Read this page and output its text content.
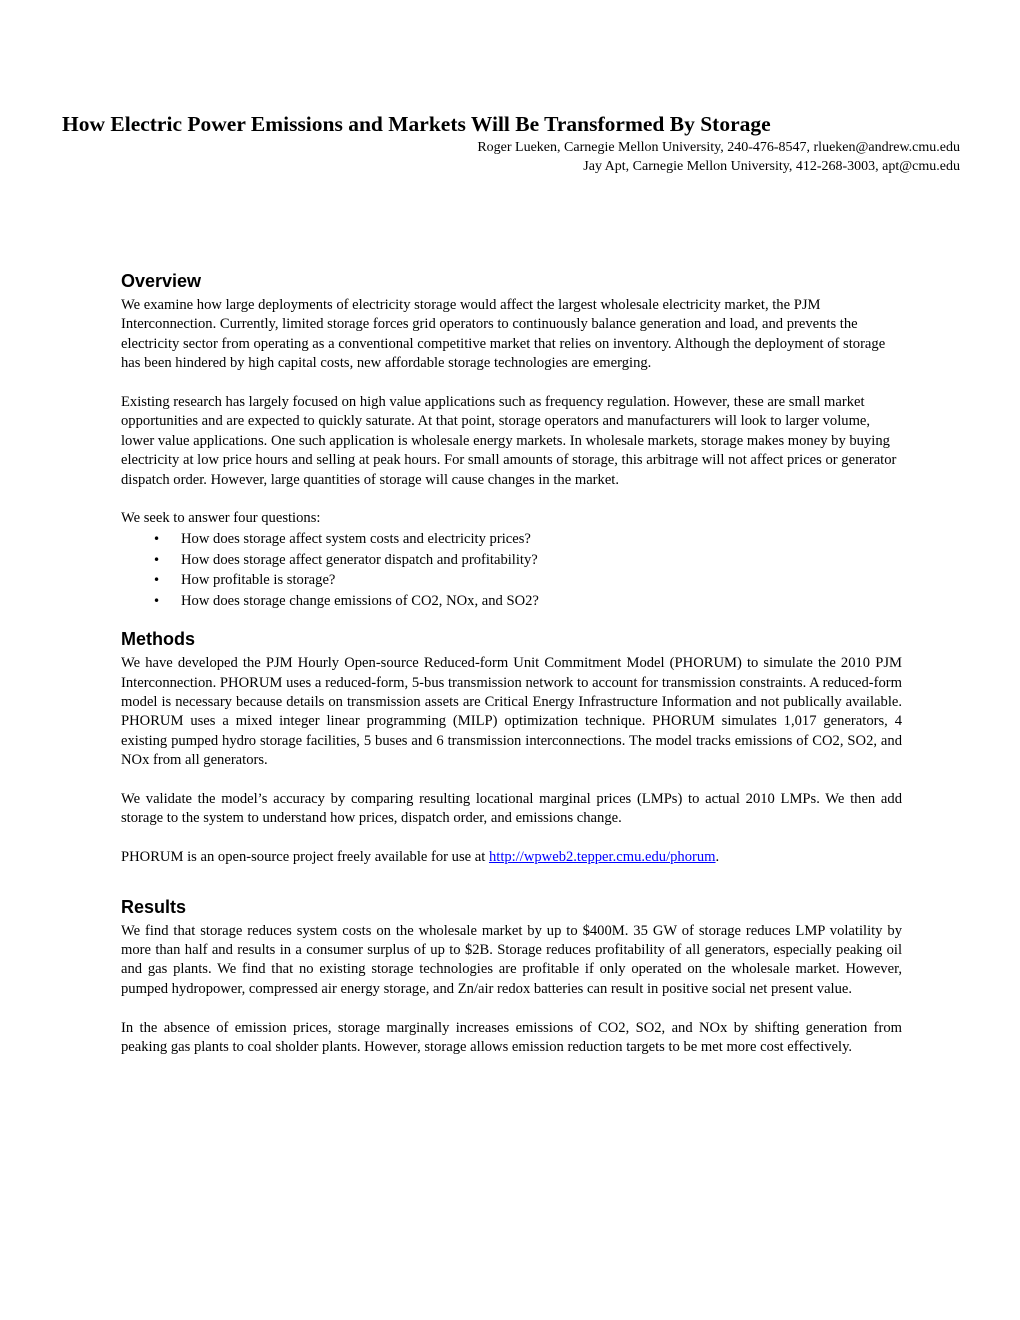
How Electric Power Emissions and Markets Will Be Transformed By Storage
Roger Lueken, Carnegie Mellon University, 240-476-8547, rlueken@andrew.cmu.edu
Jay Apt, Carnegie Mellon University, 412-268-3003, apt@cmu.edu
Overview

We examine how large deployments of electricity storage would affect the largest wholesale electricity market, the PJM Interconnection. Currently, limited storage forces grid operators to continuously balance generation and load, and prevents the electricity sector from operating as a conventional competitive market that relies on inventory. Although the deployment of storage has been hindered by high capital costs, new affordable storage technologies are emerging.

Existing research has largely focused on high value applications such as frequency regulation. However, these are small market opportunities and are expected to quickly saturate. At that point, storage operators and manufacturers will look to larger volume, lower value applications. One such application is wholesale energy markets. In wholesale markets, storage makes money by buying electricity at low price hours and selling at peak hours. For small amounts of storage, this arbitrage will not affect prices or generator dispatch order. However, large quantities of storage will cause changes in the market.

We seek to answer four questions:

• How does storage affect system costs and electricity prices?
• How does storage affect generator dispatch and profitability?
• How profitable is storage?
• How does storage change emissions of CO2, NOx, and SO2?
Methods

We have developed the PJM Hourly Open-source Reduced-form Unit Commitment Model (PHORUM) to simulate the 2010 PJM Interconnection. PHORUM uses a reduced-form, 5-bus transmission network to account for transmission constraints. A reduced-form model is necessary because details on transmission assets are Critical Energy Infrastructure Information and not publically available. PHORUM uses a mixed integer linear programming (MILP) optimization technique. PHORUM simulates 1,017 generators, 4 existing pumped hydro storage facilities, 5 buses and 6 transmission interconnections. The model tracks emissions of CO2, SO2, and NOx from all generators.

We validate the model’s accuracy by comparing resulting locational marginal prices (LMPs) to actual 2010 LMPs. We then add storage to the system to understand how prices, dispatch order, and emissions change.

PHORUM is an open-source project freely available for use at http://wpweb2.tepper.cmu.edu/phorum.

Results

We find that storage reduces system costs on the wholesale market by up to $400M. 35 GW of storage reduces LMP volatility by more than half and results in a consumer surplus of up to $2B. Storage reduces profitability of all generators, especially peaking oil and gas plants. We find that no existing storage technologies are profitable if only operated on the wholesale market. However, pumped hydropower, compressed air energy storage, and Zn/air redox batteries can result in positive social net present value.

In the absence of emission prices, storage marginally increases emissions of CO2, SO2, and NOx by shifting generation from peaking gas plants to coal sholder plants. However, storage allows emission reduction targets to be met more cost effectively.
